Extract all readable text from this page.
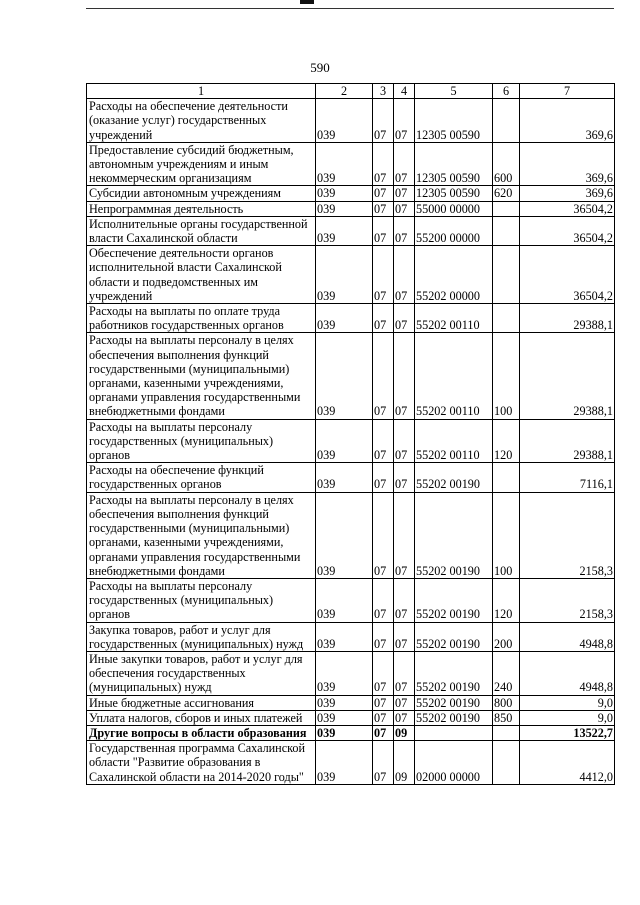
590
1	2	3	4	5	6	7
Расходы на обеспечение деятельности (оказание услуг) государственных учреждений	039	07	07	12305 00590		369,6
Предоставление субсидий бюджетным, автономным учреждениям и иным некоммерческим организациям	039	07	07	12305 00590	600	369,6
Субсидии автономным учреждениям	039	07	07	12305 00590	620	369,6
Непрограммная деятельность	039	07	07	55000 00000		36504,2
Исполнительные органы государственной власти Сахалинской области	039	07	07	55200 00000		36504,2
Обеспечение деятельности органов исполнительной власти Сахалинской области и подведомственных им учреждений	039	07	07	55202 00000		36504,2
Расходы на выплаты по оплате труда работников государственных органов	039	07	07	55202 00110		29388,1
Расходы на выплаты персоналу в целях обеспечения выполнения функций государственными (муниципальными) органами, казенными учреждениями, органами управления государственными внебюджетными фондами	039	07	07	55202 00110	100	29388,1
Расходы на выплаты персоналу государственных (муниципальных) органов	039	07	07	55202 00110	120	29388,1
Расходы на обеспечение функций государственных органов	039	07	07	55202 00190		7116,1
Расходы на выплаты персоналу в целях обеспечения выполнения функций государственными (муниципальными) органами, казенными учреждениями, органами управления государственными внебюджетными фондами	039	07	07	55202 00190	100	2158,3
Расходы на выплаты персоналу государственных (муниципальных) органов	039	07	07	55202 00190	120	2158,3
Закупка товаров, работ и услуг для государственных (муниципальных) нужд	039	07	07	55202 00190	200	4948,8
Иные закупки товаров, работ и услуг для обеспечения государственных (муниципальных) нужд	039	07	07	55202 00190	240	4948,8
Иные бюджетные ассигнования	039	07	07	55202 00190	800	9,0
Уплата налогов, сборов и иных платежей	039	07	07	55202 00190	850	9,0
Другие вопросы в области образования	039	07	09			13522,7
Государственная программа Сахалинской области "Развитие образования в Сахалинской области на 2014-2020 годы"	039	07	09	02000 00000		4412,0
